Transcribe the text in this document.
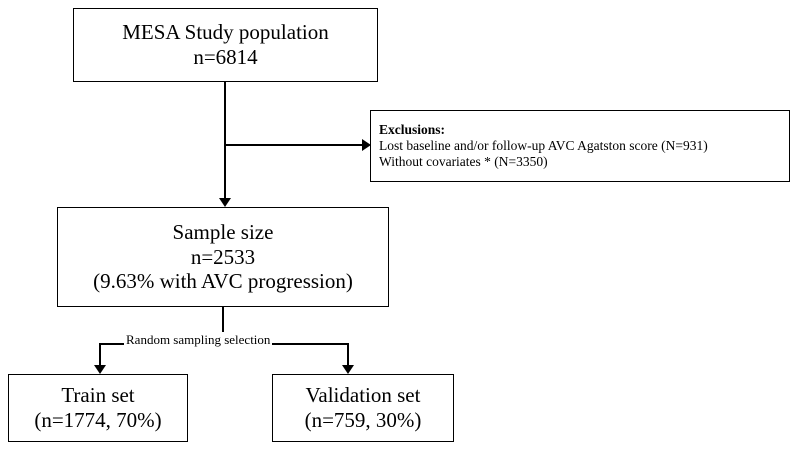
MESA Study population
n=6814
Exclusions:
Lost baseline and/or follow-up AVC Agatston score (N=931)
Without covariates * (N=3350)
Sample size
n=2533
(9.63% with AVC progression)
Random sampling selection
Train set
(n=1774, 70%)
Validation set
(n=759, 30%)
